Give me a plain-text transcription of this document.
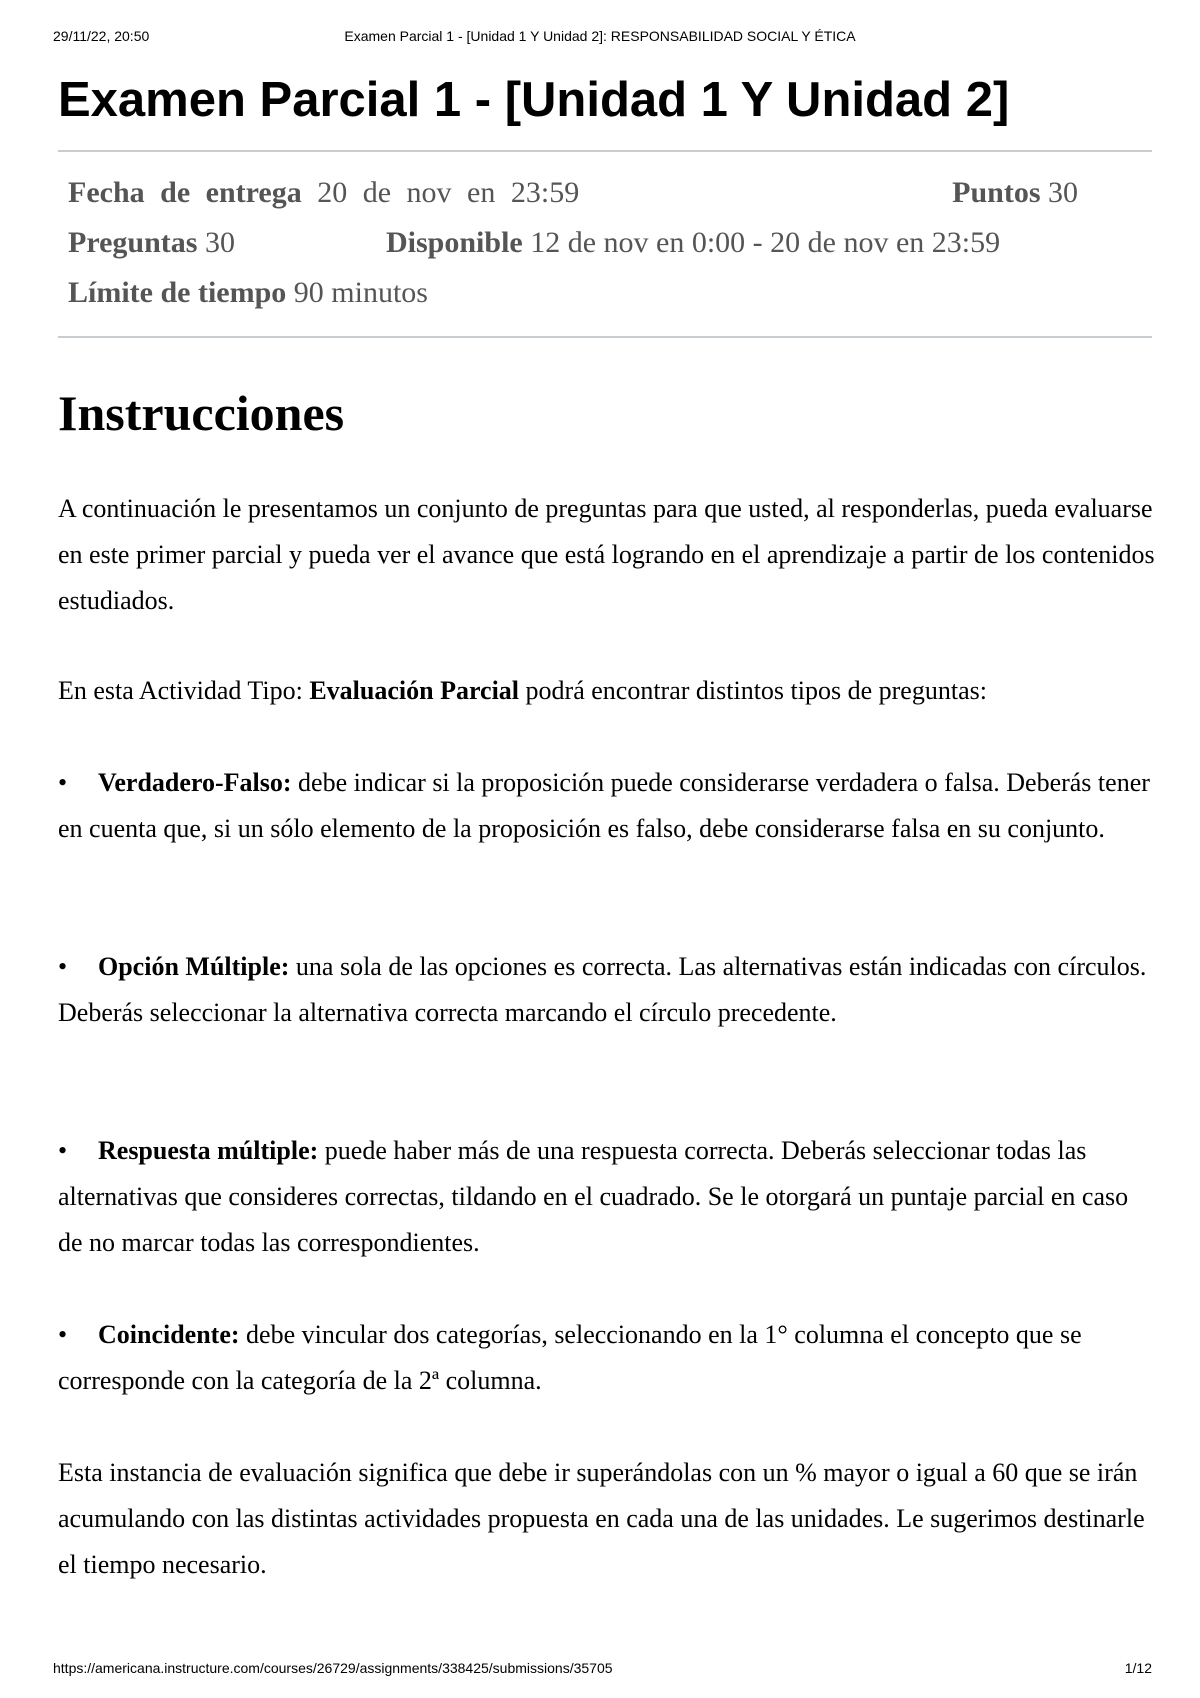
29/11/22, 20:50	Examen Parcial 1 - [Unidad 1 Y Unidad 2]: RESPONSABILIDAD SOCIAL Y ÉTICA
Examen Parcial 1 - [Unidad 1 Y Unidad 2]
Fecha de entrega 20 de nov en 23:59	Puntos 30
Preguntas 30	Disponible 12 de nov en 0:00 - 20 de nov en 23:59
Límite de tiempo 90 minutos
Instrucciones

A continuación le presentamos un conjunto de preguntas para que usted, al responderlas, pueda evaluarse en este primer parcial y pueda ver el avance que está logrando en el aprendizaje a partir de los contenidos estudiados.

En esta Actividad Tipo: Evaluación Parcial podrá encontrar distintos tipos de preguntas:

• Verdadero-Falso: debe indicar si la proposición puede considerarse verdadera o falsa. Deberás tener en cuenta que, si un sólo elemento de la proposición es falso, debe considerarse falsa en su conjunto.

• Opción Múltiple: una sola de las opciones es correcta. Las alternativas están indicadas con círculos. Deberás seleccionar la alternativa correcta marcando el círculo precedente.

• Respuesta múltiple: puede haber más de una respuesta correcta. Deberás seleccionar todas las alternativas que consideres correctas, tildando en el cuadrado. Se le otorgará un puntaje parcial en caso de no marcar todas las correspondientes.

• Coincidente: debe vincular dos categorías, seleccionando en la 1° columna el concepto que se corresponde con la categoría de la 2ª columna.

Esta instancia de evaluación significa que debe ir superándolas con un % mayor o igual a 60 que se irán acumulando con las distintas actividades propuesta en cada una de las unidades. Le sugerimos destinarle el tiempo necesario.

https://americana.instructure.com/courses/26729/assignments/338425/submissions/35705	1/12
